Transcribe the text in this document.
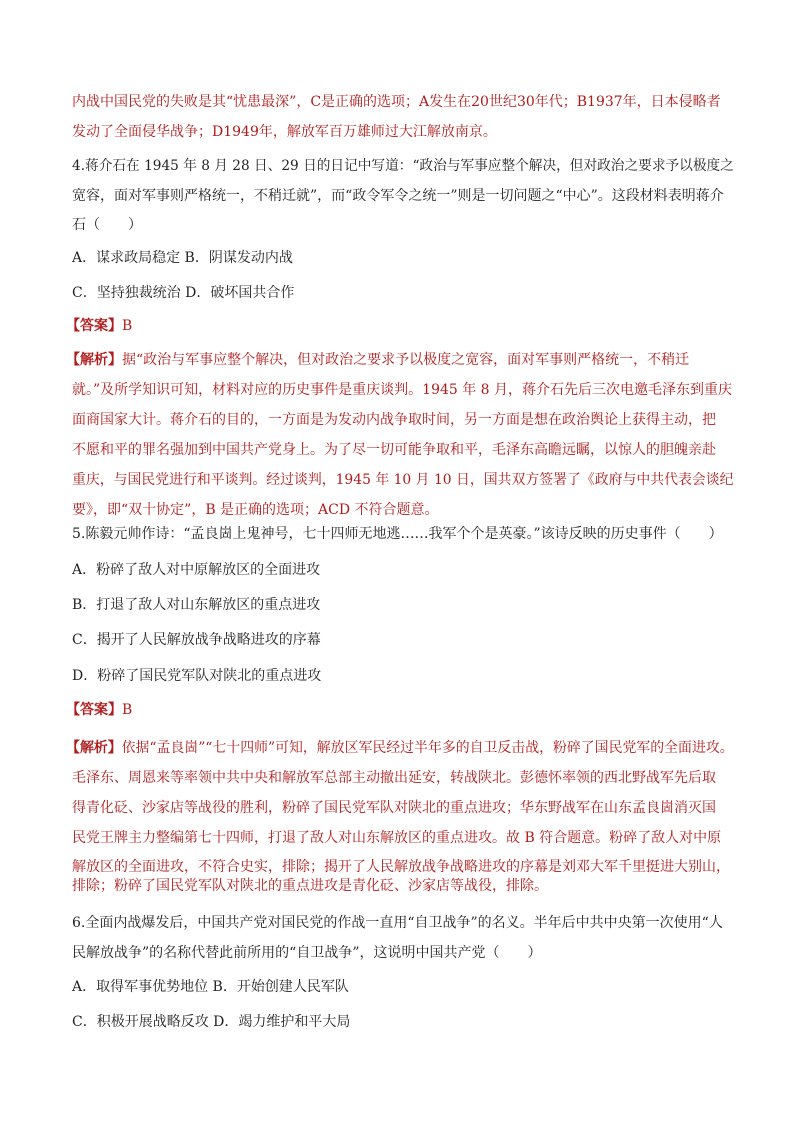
内战中国民党的失败是其“忧患最深”，C是正确的选项；A发生在20世纪30年代；B1937年，日本侵略者
发动了全面侵华战争；D1949年，解放军百万雄师过大江解放南京。
4.蒋介石在 1945 年 8 月 28 日、29 日的日记中写道：“政治与军事应整个解决，但对政治之要求予以极度之
宽容，面对军事则严格统一，不稍迁就”，而“政令军令之统一”则是一切问题之“中心”。这段材料表明蒋介
石（　　）
A．谋求政局稳定 B．阴谋发动内战
C．坚持独裁统治 D．破坏国共合作
【答案】B
【解析】据“政治与军事应整个解决，但对政治之要求予以极度之宽容，面对军事则严格统一，不稍迁
就。”及所学知识可知，材料对应的历史事件是重庆谈判。1945 年 8 月，蒋介石先后三次电邀毛泽东到重庆
面商国家大计。蒋介石的目的，一方面是为发动内战争取时间，另一方面是想在政治舆论上获得主动，把
不愿和平的罪名强加到中国共产党身上。为了尽一切可能争取和平，毛泽东高瞻远瞩，以惊人的胆魄亲赴
重庆，与国民党进行和平谈判。经过谈判，1945 年 10 月 10 日，国共双方签署了《政府与中共代表会谈纪
要》，即“双十协定”，B 是正确的选项；ACD 不符合题意。
5.陈毅元帅作诗：“孟良崮上鬼神号，七十四师无地逃……我军个个是英豪。”该诗反映的历史事件（　　）
A．粉碎了敌人对中原解放区的全面进攻
B．打退了敌人对山东解放区的重点进攻
C．揭开了人民解放战争战略进攻的序幕
D．粉碎了国民党军队对陕北的重点进攻
【答案】B
【解析】依据“孟良崮”“七十四师”可知，解放区军民经过半年多的自卫反击战，粉碎了国民党军的全面进攻。
毛泽东、周恩来等率领中共中央和解放军总部主动撤出延安，转战陕北。彭德怀率领的西北野战军先后取
得青化砭、沙家店等战役的胜利，粉碎了国民党军队对陕北的重点进攻；华东野战军在山东孟良崮消灭国
民党王牌主力整编第七十四师，打退了敌人对山东解放区的重点进攻。故 B 符合题意。粉碎了敌人对中原
解放区的全面进攻，不符合史实，排除；揭开了人民解放战争战略进攻的序幕是刘邓大军千里挺进大别山，
排除；粉碎了国民党军队对陕北的重点进攻是青化砭、沙家店等战役，排除。
6.全面内战爆发后，中国共产党对国民党的作战一直用“自卫战争”的名义。半年后中共中央第一次使用“人
民解放战争”的名称代替此前所用的“自卫战争”，这说明中国共产党（　　）
A．取得军事优势地位 B．开始创建人民军队
C．积极开展战略反攻 D．竭力维护和平大局
